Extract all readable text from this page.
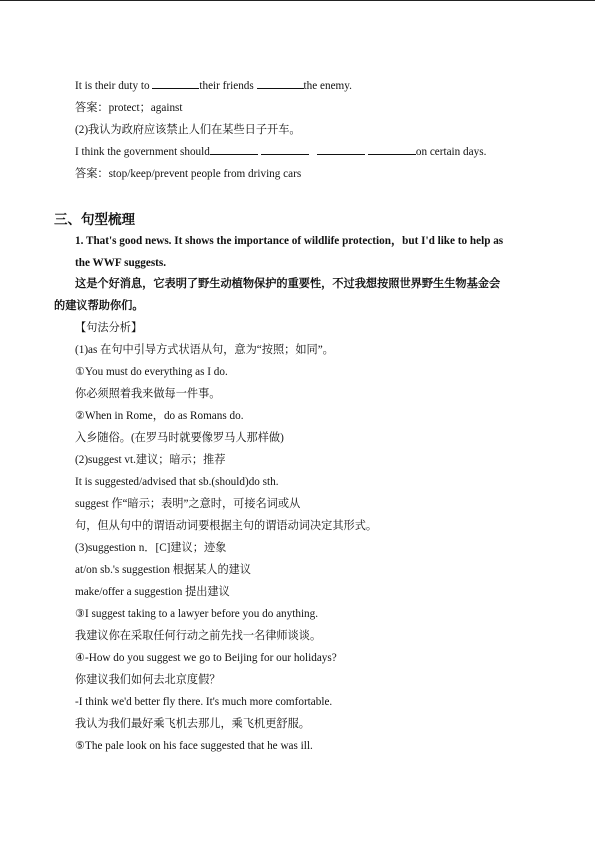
It is their duty to	their friends	the enemy.
答案：protect；against
(2)我认为政府应该禁止人们在某些日子开车。
I think the government should	on certain days.
答案：stop/keep/prevent people from driving cars
三、句型梳理
1. That's good news. It shows the importance of wildlife protection，but I'd like to help as
the WWF suggests.
这是个好消息，它表明了野生动植物保护的重要性，不过我想按照世界野生生物基金会
的建议帮助你们。
【句法分析】
(1)as 在句中引导方式状语从句，意为“按照；如同”。
①You must do everything as I do.
你必须照着我来做每一件事。
②When in Rome，do as Romans do.
入乡随俗。(在罗马时就要像罗马人那样做)
(2)suggest vt.建议；暗示；推荐
It is suggested/advised that sb.(should)do sth.
suggest 作“暗示；表明”之意时，可接名词或从
句，但从句中的谓语动词要根据主句的谓语动词决定其形式。
(3)suggestion n．[C]建议；迹象
at/on sb.'s suggestion 根据某人的建议
make/offer a suggestion 提出建议
③I suggest taking to a lawyer before you do anything.
我建议你在采取任何行动之前先找一名律师谈谈。
④-How do you suggest we go to Beijing for our holidays?
你建议我们如何去北京度假？
-I think we'd better fly there. It's much more comfortable.
我认为我们最好乘飞机去那儿，乘飞机更舒服。
⑤The pale look on his face suggested that he was ill.
